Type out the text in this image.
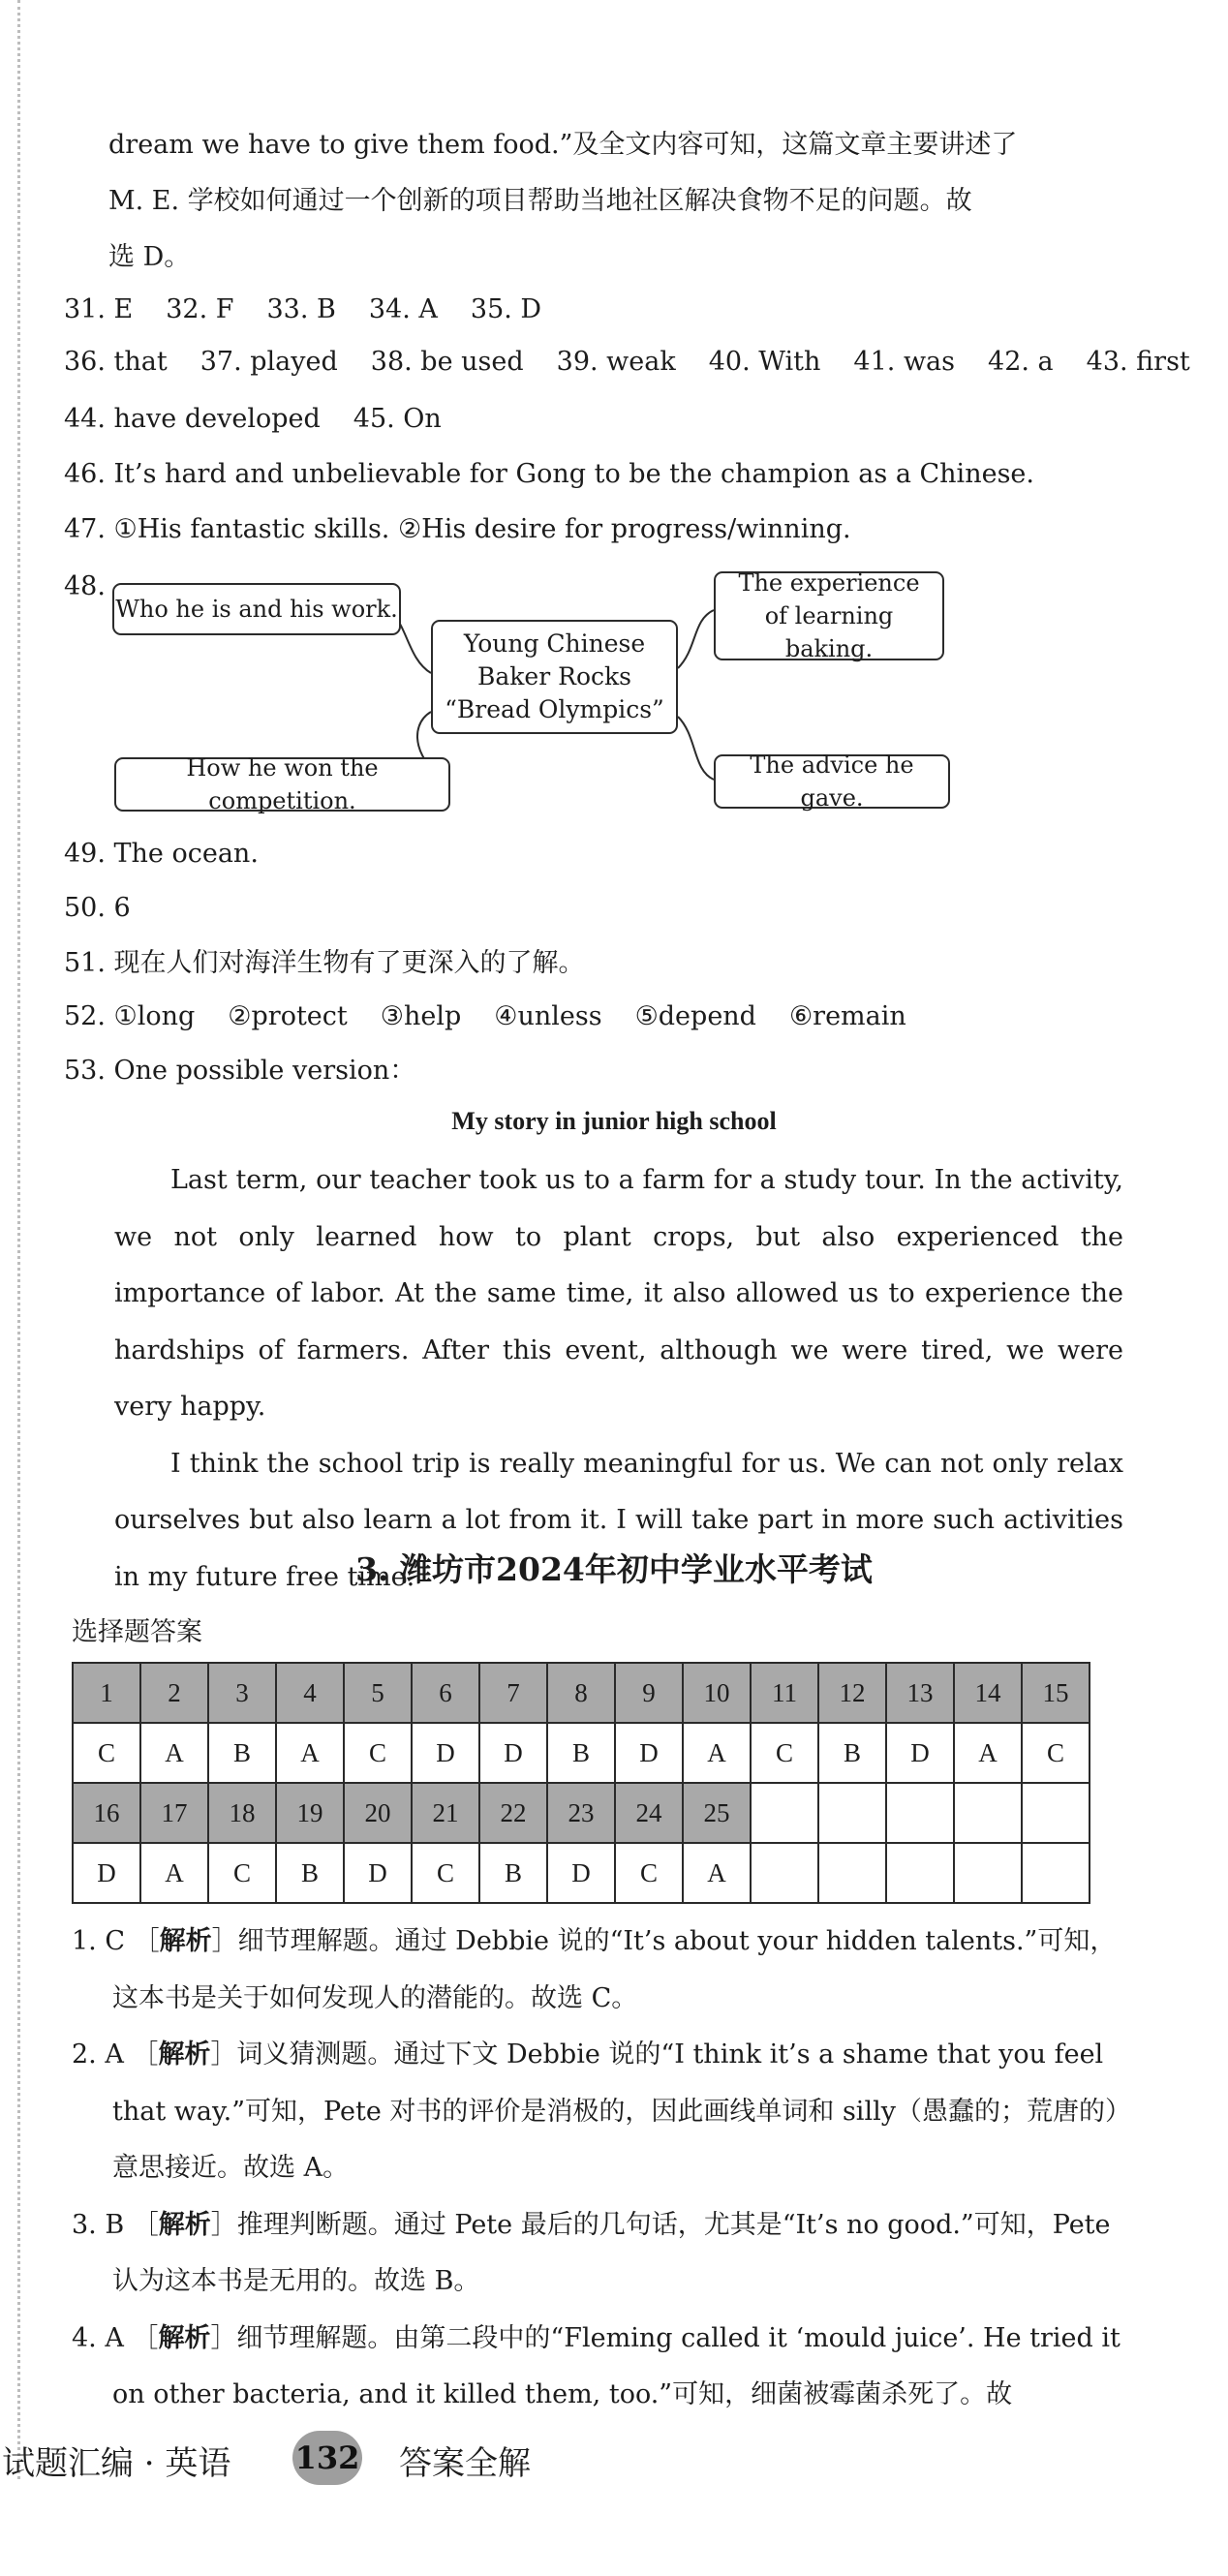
dream we have to give them food.”及全文内容可知，这篇文章主要讲述了
M. E. 学校如何通过一个创新的项目帮助当地社区解决食物不足的问题。故
选 D。
31. E 32. F 33. B 34. A 35. D
36. that 37. played 38. be used 39. weak 40. With 41. was 42. a 43. first
44. have developed 45. On
46. It’s hard and unbelievable for Gong to be the champion as a Chinese.
47. ①His fantastic skills. ②His desire for progress/winning.
48.
Who he is and his work.
Young Chinese Baker Rocks “Bread Olympics”
The experience of learning baking.
How he won the competition.
The advice he gave.
49. The ocean.
50. 6
51. 现在人们对海洋生物有了更深入的了解。
52. ①long ②protect ③help ④unless ⑤depend ⑥remain
53. One possible version：
My story in junior high school

Last term, our teacher took us to a farm for a study tour. In the activity, we not only learned how to plant crops, but also experienced the importance of labor. At the same time, it also allowed us to experience the hardships of farmers. After this event, although we were tired, we were very happy.

I think the school trip is really meaningful for us. We can not only relax ourselves but also learn a lot from it. I will take part in more such activities in my future free time.

3. 潍坊市2024年初中学业水平考试
选择题答案
1	2	3	4	5	6	7	8	9	10	11	12	13	14	15
C	A	B	A	C	D	D	B	D	A	C	B	D	A	C
16	17	18	19	20	21	22	23	24	25					
D	A	C	B	D	C	B	D	C	A					

1. C ［解析］细节理解题。通过 Debbie 说的“It’s about your hidden talents.”可知，这本书是关于如何发现人的潜能的。故选 C。

2. A ［解析］词义猜测题。通过下文 Debbie 说的“I think it’s a shame that you feel that way.”可知，Pete 对书的评价是消极的，因此画线单词和 silly（愚蠢的；荒唐的）意思接近。故选 A。

3. B ［解析］推理判断题。通过 Pete 最后的几句话，尤其是“It’s no good.”可知，Pete 认为这本书是无用的。故选 B。

4. A ［解析］细节理解题。由第二段中的“Fleming called it ‘mould juice’. He tried it on other bacteria, and it killed them, too.”可知，细菌被霉菌杀死了。故

试题汇编 · 英语	答案全解
132
